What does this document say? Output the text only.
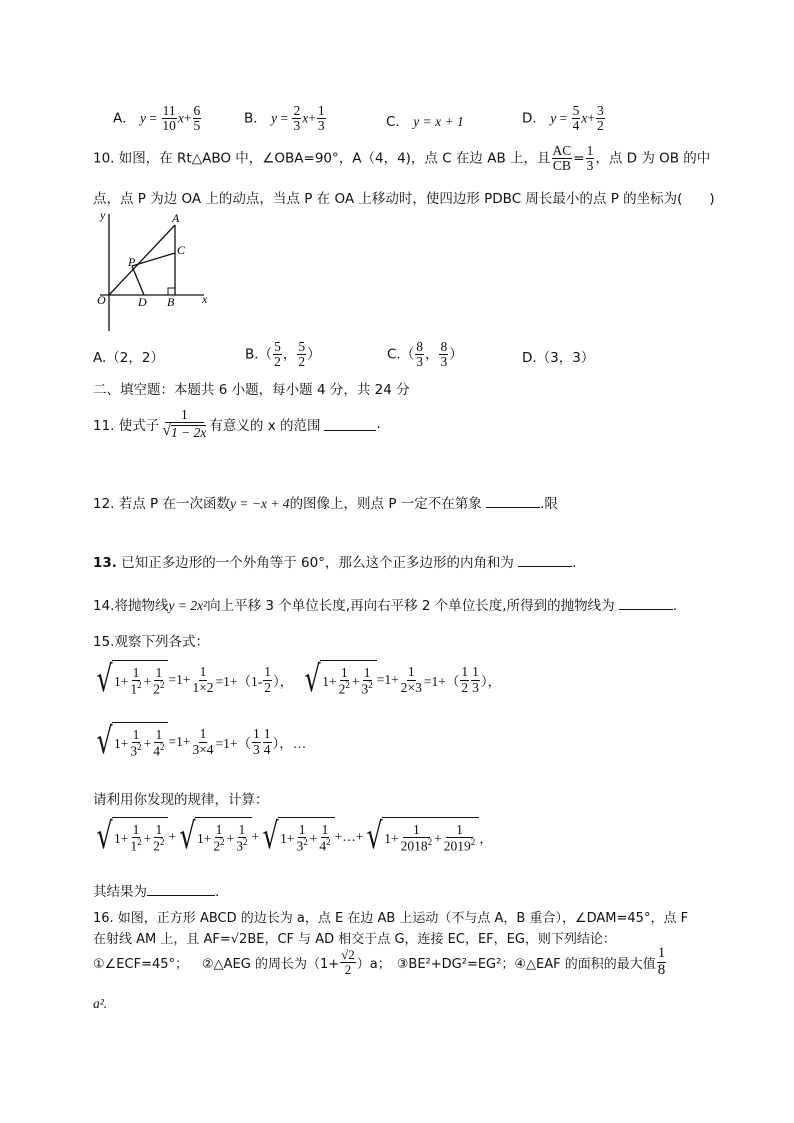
A． $y = \frac{11}{10} x+ \frac{6}{5}$	B． $y = \frac{2}{3} x+ \frac{1}{3}$	C． y = x + 1	D． $y = \frac{5}{4} x+ \frac{3}{2}$
10. 如图，在 Rt△ABO 中，∠OBA=90°，A（4，4)，点 C 在边 AB 上，且 $\frac{AC}{CB} = \frac{1}{3}$ ，点 D 为 OB 的中
点，点 P 为边 OA 上的动点，当点 P 在 OA 上移动时，使四边形 PDBC 周长最小的点 P 的坐标为(　　)
y
x
O
A
C
P
D B
A.（2，2）	$B.( \frac{5}{2}$ ， $\frac{5}{2}$ ）	$C.( \frac{8}{3}$ ， $\frac{8}{3}$ ）	D.（3，3）
二、填空题：本题共 6 小题，每小题 4 分，共 24 分
11. 使式子 $\frac{1}{√ 1 - 2x}$ 有意义的 x 的范围	.
12. 若点 P 在一次函数y = −x + 4的图像上，则点 P 一定不在第象	.限
13. 已知正多边形的一个外角等于 60°，那么这个正多边形的内角和为	.
14.将抛物线y = 2x²向上平移 3 个单位长度,再向右平移 2 个单位长度,所得到的抛物线为	.
15.观察下列各式：
√ $1+ \frac{1}{1^2} + \frac{1}{2^2} =1+ \frac{1}{1\times 2} =1+(1- \frac{1}{2}$ ）， √ $1+ \frac{1}{2^2} + \frac{1}{3^2} =1+ \frac{1}{2\times 3} =1+( \frac{1}{2} \frac{1}{3}$ ），
√ $1+ \frac{1}{3^2} + \frac{1}{4^2} =1+ \frac{1}{3\times 4} =1+( \frac{1}{3} \frac{1}{4}$ ），…
请利用你发现的规律，计算：
√ $1+ \frac{1}{1^2} + \frac{1}{2^2}$ + √ $1+ \frac{1}{2^2} + \frac{1}{3^2}$ + √ $1+ \frac{1}{3^2} + \frac{1}{4^2}$ +…+ √ $1+ \frac{1}{2018^2} + \frac{1}{2019^2}$ ，
其结果为	.
16. 如图，正方形 ABCD 的边长为 a，点 E 在边 AB 上运动（不与点 A，B 重合），∠DAM=45°，点 F
在射线 AM 上，且 AF=√2BE，CF 与 AD 相交于点 G，连接 EC，EF，EG，则下列结论：
①∠ECF=45°； ②△AEG 的周长为$(1+ \frac{√2}{2} )a$； ③BE²+DG²=EG²；④△EAF 的面积的最大值 $\frac{1}{8}$
a².
